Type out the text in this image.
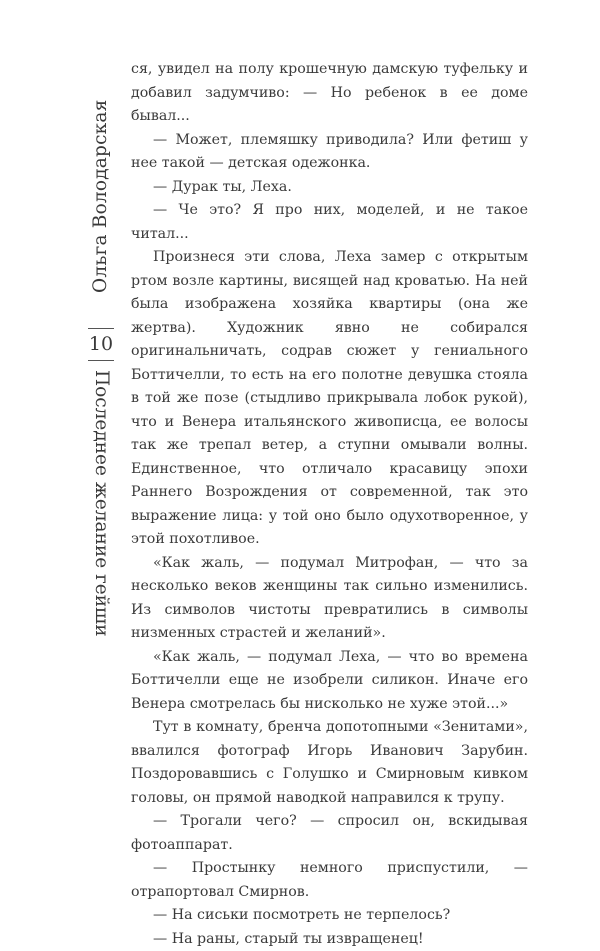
Ольга Володарская
10
Последнее желание гейши

ся, увидел на полу крошечную дамскую туфельку и добавил задумчиво: — Но ребенок в ее доме бывал...

— Может, племяшку приводила? Или фетиш у нее такой — детская одежонка.

— Дурак ты, Леха.

— Че это? Я про них, моделей, и не такое читал...

Произнеся эти слова, Леха замер с открытым ртом возле картины, висящей над кроватью. На ней была изображена хозяйка квартиры (она же жертва). Художник явно не собирался оригинальничать, содрав сюжет у гениального Боттичелли, то есть на его полотне девушка стояла в той же позе (стыдливо прикрывала лобок рукой), что и Венера итальянского живописца, ее волосы так же трепал ветер, а ступни омывали волны. Единственное, что отличало красавицу эпохи Раннего Возрождения от современной, так это выражение лица: у той оно было одухотворенное, у этой похотливое.

«Как жаль, — подумал Митрофан, — что за несколько веков женщины так сильно изменились. Из символов чистоты превратились в символы низменных страстей и желаний».

«Как жаль, — подумал Леха, — что во времена Боттичелли еще не изобрели силикон. Иначе его Венера смотрелась бы нисколько не хуже этой...»

Тут в комнату, бренча допотопными «Зенитами», ввалился фотограф Игорь Иванович Зарубин. Поздоровавшись с Голушко и Смирновым кивком головы, он прямой наводкой направился к трупу.

— Трогали чего? — спросил он, вскидывая фотоаппарат.

— Простынку немного приспустили, — отрапортовал Смирнов.

— На сиськи посмотреть не терпелось?

— На раны, старый ты извращенец!
